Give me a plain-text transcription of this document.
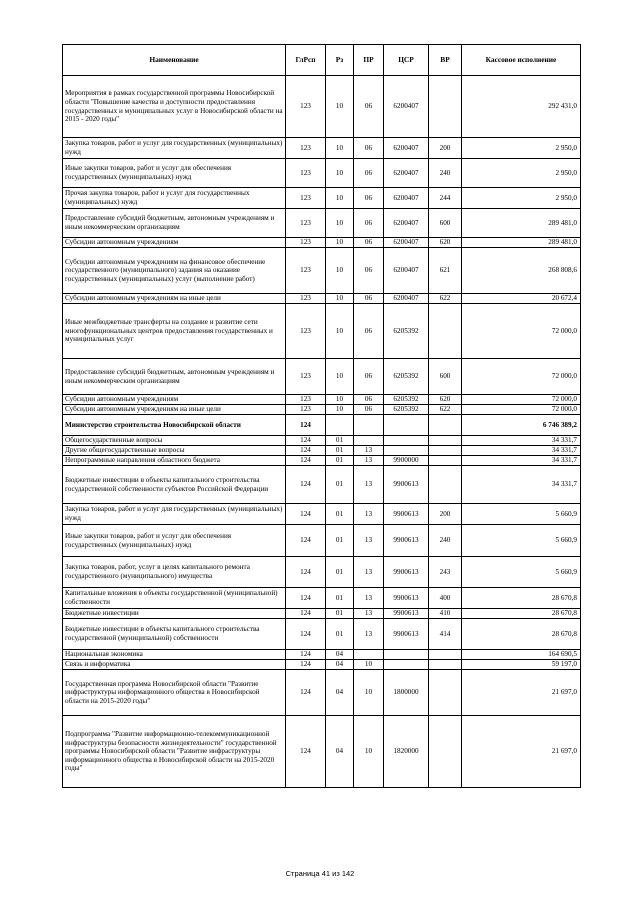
Наименование	ГлРсп	Рз	ПР	ЦСР	ВР	Кассовое исполнение
Мероприятия в рамках государственной программы Новосибирской области "Повышение качества и доступности предоставления государственных и муниципальных услуг в Новосибирской области на 2015 - 2020 годы"	123	10	06	6200407		292 431,0
Закупка товаров, работ и услуг для государственных (муниципальных) нужд	123	10	06	6200407	200	2 950,0
Иные закупки товаров, работ и услуг для обеспечения государственных (муниципальных) нужд	123	10	06	6200407	240	2 950,0
Прочая закупка товаров, работ и услуг для государственных (муниципальных) нужд	123	10	06	6200407	244	2 950,0
Предоставление субсидий бюджетным, автономным учреждениям и иным некоммерческим организациям	123	10	06	6200407	600	289 481,0
Субсидии автономным учреждениям	123	10	06	6200407	620	289 481,0
Субсидии автономным учреждениям на финансовое обеспечение государственного (муниципального) задания на оказание государственных (муниципальных) услуг (выполнение работ)	123	10	06	6200407	621	268 808,6
Субсидии автономным учреждениям на иные цели	123	10	06	6200407	622	20 672,4
Иные межбюджетные трансферты на создание и развитие сети многофункциональных центров предоставления государственных и муниципальных услуг	123	10	06	6205392		72 000,0
Предоставление субсидий бюджетным, автономным учреждениям и иным некоммерческим организациям	123	10	06	6205392	600	72 000,0
Субсидии автономным учреждениям	123	10	06	6205392	620	72 000,0
Субсидии автономным учреждениям на иные цели	123	10	06	6205392	622	72 000,0
Министерство строительства Новосибирской области	124					6 746 389,2
Общегосударственные вопросы	124	01				34 331,7
Другие общегосударственные вопросы	124	01	13			34 331,7
Непрограммные направления областного бюджета	124	01	13	9900000		34 331,7
Бюджетные инвестиции в объекты капитального строительства государственной собственности субъектов Российской Федерации	124	01	13	9900613		34 331,7
Закупка товаров, работ и услуг для государственных (муниципальных) нужд	124	01	13	9900613	200	5 660,9
Иные закупки товаров, работ и услуг для обеспечения государственных (муниципальных) нужд	124	01	13	9900613	240	5 660,9
Закупка товаров, работ, услуг в целях капитального ремонта государственного (муниципального) имущества	124	01	13	9900613	243	5 660,9
Капитальные вложения в объекты государственной (муниципальной) собственности	124	01	13	9900613	400	28 670,8
Бюджетные инвестиции	124	01	13	9900613	410	28 670,8
Бюджетные инвестиции в объекты капитального строительства государственной (муниципальной) собственности	124	01	13	9900613	414	28 670,8
Национальная экономика	124	04				164 690,5
Связь и информатика	124	04	10			59 197,0
Государственная программа Новосибирской области "Развитие инфраструктуры информационного общества в Новосибирской области на 2015-2020 годы"	124	04	10	1800000		21 697,0
Подпрограмма "Развитие информационно-телекоммуникационной инфраструктуры безопасности жизнедеятельности" государственной программы Новосибирской области "Развитие инфраструктуры информационного общества в Новосибирской области на 2015-2020 годы"	124	04	10	1820000		21 697,0
Страница 41 из 142
